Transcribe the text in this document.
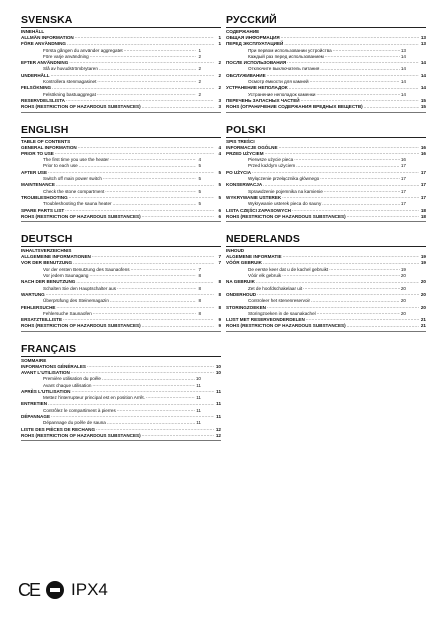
SVENSKA
INNEHÅLL
ALLMÄN INFORMATION .....	1
FÖRE ANVÄNDNING .....	1
Första gången du använder aggregatet .....	1
Före varje användning .....	2
EFTER ANVÄNDNING .....	2
Slå av huvudströmbrytaren .....	2
UNDERHÅLL .....	2
Kontrollera stenmagasinet .....	2
FELSÖKNING .....	2
Felsökning bastuaggregat .....	2
RESERVDELSLISTA .....	3
ROHS (RESTRICTION OF HAZARDOUS SUBSTANCES) .....	3
ENGLISH
TABLE OF CONTENTS
GENERAL INFORMATION .....	4
PRIOR TO USE .....	4
The first time you use the heater .....	4
Prior to each use .....	5
AFTER USE .....	5
Switch off main power switch .....	5
MAINTENANCE .....	5
Check the stone compartment .....	5
TROUBLESHOOTING .....	5
Troubleshooting the sauna heater .....	5
SPARE PARTS LIST .....	6
ROHS (RESTRICTION OF HAZARDOUS SUBSTANCES) .....	6
DEUTSCH
INHALTSVERZEICHNIS
ALLGEMEINE INFORMATIONEN .....	7
VOR DER BENUTZUNG .....	7
Vor der ersten Benutzung des Saunaofens .....	7
Vor jedem Saunagang .....	8
NACH DER BENUTZUNG .....	8
Schalten Sie den Hauptschalter aus .....	8
WARTUNG .....	8
Überprüfung des Steinemagazin .....	8
FEHLERSUCHE .....	8
Fehlersuche Saunaofen .....	8
ERSATZTEILLISTE .....	9
ROHS (RESTRICTION OF HAZARDOUS SUBSTANCES) .....	9
FRANÇAIS
SOMMAIRE
INFORMATIONS GÉNÉRALES .....	10
AVANT L'UTILISATION .....	10
Première utilisation du poêle .....	10
Avant chaque utilisation .....	11
APRÈS L'UTILISATION .....	11
Mettez l'interrupteur principal est en position Arrêt. .....	11
ENTRETIEN .....	11
Contrôlez le compartiment à pierres .....	11
DÉPANNAGE .....	11
Dépannage du poêle de sauna .....	11
LISTE DES PIÈCES DE RECHANG .....	12
ROHS (RESTRICTION OF HAZARDOUS SUBSTANCES) .....	12
РУССКИЙ
СОДЕРЖАНИЕ
ОБЩАЯ ИНФОРМАЦИЯ .....	13
ПЕРЕД ЭКСПЛУАТАЦИЕЙ .....	13
При первом использовании устройства .....	13
Каждый раз перед использованием .....	14
ПОСЛЕ ИСПОЛЬЗОВАНИЯ .....	14
Отключите выключатель питания .....	14
ОБСЛУЖИВАНИЕ .....	14
Осмотр ёмкости для камней .....	14
УСТРАНЕНИЕ НЕПОЛАДОК .....	14
Устранение неполадок каменки .....	14
ПЕРЕЧЕНЬ ЗАПАСНЫХ ЧАСТЕЙ .....	15
ROHS (ОГРАНИЧЕНИЕ СОДЕРЖАНИЯ ВРЕДНЫХ ВЕЩЕСТВ) .....	15
POLSKI
SPIS TREŚCI
INFORMACJE OGÓLNE .....	16
PRZED UŻYCIEM .....	16
Pierwsze użycie pieca .....	16
Przed każdym użyciem .....	17
PO UŻYCIA .....	17
Wyłączenie przełącznika głównego .....	17
KONSERWACJA .....	17
Sprawdzenie pojemnika na kamienie .....	17
WYKRYWANIE USTEREK .....	17
Wykrywanie usterek pieca do sauny .....	17
LISTA CZĘŚCI ZAPASOWYCH .....	18
ROHS (RESTRICTION OF HAZARDOUS SUBSTANCES) .....	18
NEDERLANDS
INHOUD
ALGEMENE INFORMATIE .....	19
VÓÓR GEBRUIK .....	19
De eerste keer dat u de kachel gebruikt .....	19
Vóór elk gebruik .....	20
NA GEBRUIK .....	20
Zet de hoofdschakelaar uit .....	20
ONDERHOUD .....	20
Controleer het stenenreservoir .....	20
STORINGZOEKEN .....	20
Storingzoeken in de saunakachel .....	20
LIJST MET RESERVEONDERDELEN .....	21
ROHS (RESTRICTION OF HAZARDOUS SUBSTANCES) .....	21
CE IPX4
